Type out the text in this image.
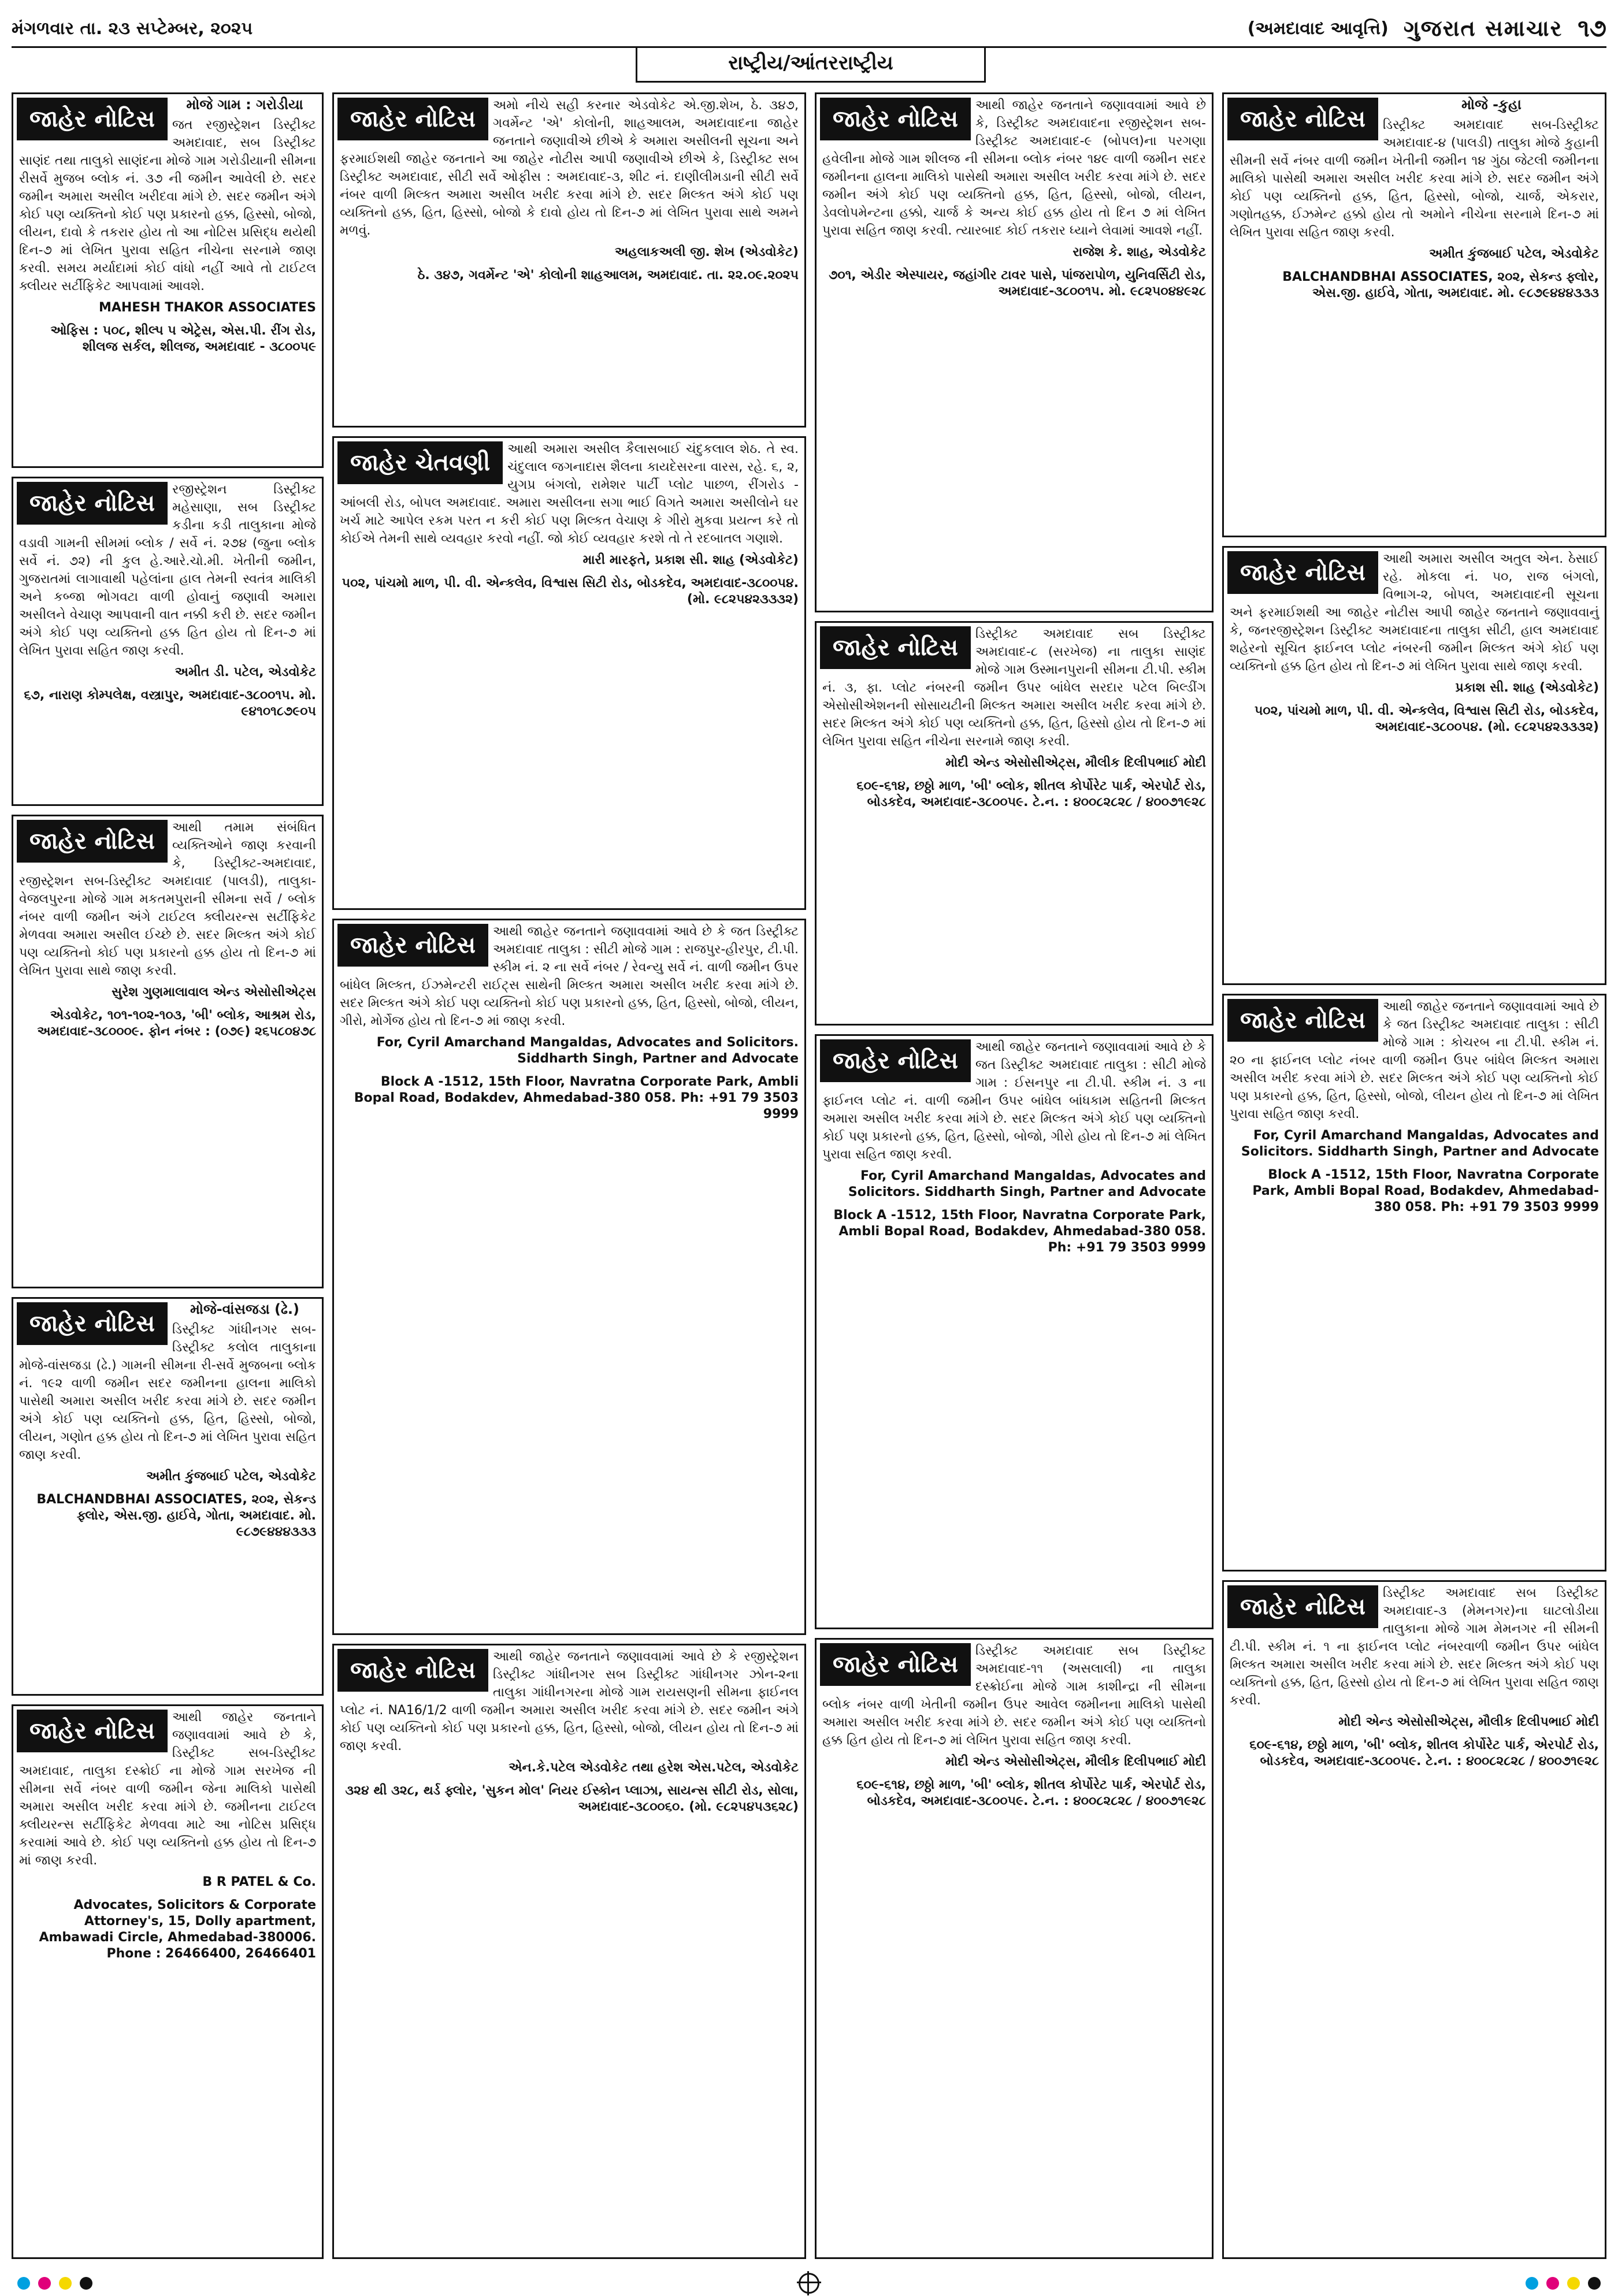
મંગળવાર તા. ૨૩ સપ્ટેમ્બર, ૨૦૨૫	(અમદાવાદ આવૃત્તિ) ગુજરાત સમાચાર ૧૭
રાષ્ટ્રીય/આંતરરાષ્ટ્રીય
જાહેર નોટિસ
મોજે ગામ : ગરોડીયા
જત રજીસ્ટ્રેશન ડિસ્ટ્રીક્ટ અમદાવાદ, સબ ડિસ્ટ્રીક્ટ સાણંદ તથા તાલુકો સાણંદના મોજે ગામ ગરોડીયાની સીમના રીસર્વે મુજબ બ્લોક નં. ૩૭ ની જમીન આવેલી છે. સદર જમીન અમારા અસીલ ખરીદવા માંગે છે. સદર જમીન અંગે કોઈ પણ વ્યક્તિનો કોઈ પણ પ્રકારનો હક્ક, હિસ્સો, બોજો, લીયન, દાવો કે તકરાર હોય તો આ નોટિસ પ્રસિદ્ધ થયેથી દિન-૭ માં લેખિત પુરાવા સહિત નીચેના સરનામે જાણ કરવી. સમય મર્યાદામાં કોઈ વાંધો નહીં આવે તો ટાઈટલ ક્લીયર સર્ટીફિકેટ આપવામાં આવશે.
MAHESH THAKOR ASSOCIATES
ઓફિસ : ૫૦૮, શીલ્પ ૫ એટ્રેસ, એસ.પી. રીંગ રોડ, શીલજ સર્કલ, શીલજ, અમદાવાદ - ૩૮૦૦૫૯
જાહેર નોટિસ
રજીસ્ટ્રેશન ડિસ્ટ્રીક્ટ મહેસાણા, સબ ડિસ્ટ્રીક્ટ કડીના કડી તાલુકાના મોજે વડાવી ગામની સીમમાં બ્લોક / સર્વે નં. ૨૭૪ (જુના બ્લોક સર્વે નં. ૭૨) ની કુલ હે.આરે.ચો.મી. ખેતીની જમીન, ગુજરાતમાં લાગાવાથી પહેલાંના હાલ તેમની સ્વતંત્ર માલિકી અને કબ્જા ભોગવટા વાળી હોવાનું જણાવી અમારા અસીલને વેચાણ આપવાની વાત નક્કી કરી છે. સદર જમીન અંગે કોઈ પણ વ્યક્તિનો હક્ક હિત હોય તો દિન-૭ માં લેખિત પુરાવા સહિત જાણ કરવી.
અમીત ડી. પટેલ, એડવોકેટ
૬૭, નારાણ કોમ્પલેક્ષ, વસ્ત્રાપુર, અમદાવાદ-૩૮૦૦૧૫. મો. ૯૪૧૦૧૮૭૯૦૫
જાહેર નોટિસ
આથી તમામ સંબંધિત વ્યક્તિઓને જાણ કરવાની કે, ડિસ્ટ્રીક્ટ-અમદાવાદ, રજીસ્ટ્રેશન સબ-ડિસ્ટ્રીક્ટ અમદાવાદ (પાલડી), તાલુકા-વેજલપુરના મોજે ગામ મકતમપુરાની સીમના સર્વે / બ્લોક નંબર વાળી જમીન અંગે ટાઈટલ ક્લીયરન્સ સર્ટીફિકેટ મેળવવા અમારા અસીલ ઈચ્છે છે. સદર મિલ્કત અંગે કોઈ પણ વ્યક્તિનો કોઈ પણ પ્રકારનો હક્ક હોય તો દિન-૭ માં લેખિત પુરાવા સાથે જાણ કરવી.
સુરેશ ગુણમાલાવાલ એન્ડ એસોસીએટ્સ
એડવોકેટ, ૧૦૧-૧૦૨-૧૦૩, 'બી' બ્લોક, આશ્રમ રોડ, અમદાવાદ-૩૮૦૦૦૯. ફોન નંબર : (૦૭૯) ૨૬૫૮૦૪૭૮
જાહેર નોટિસ
મોજે-વાંસજડા (ઢે.)
ડિસ્ટ્રીક્ટ ગાંધીનગર સબ-ડિસ્ટ્રીક્ટ કલોલ તાલુકાના મોજે-વાંસજડા (ઢે.) ગામની સીમના રી-સર્વે મુજબના બ્લોક નં. ૧૯૨ વાળી જમીન સદર જમીનના હાલના માલિકો પાસેથી અમારા અસીલ ખરીદ કરવા માંગે છે. સદર જમીન અંગે કોઈ પણ વ્યક્તિનો હક્ક, હિત, હિસ્સો, બોજો, લીયન, ગણોત હક્ક હોય તો દિન-૭ માં લેખિત પુરાવા સહિત જાણ કરવી.
અમીત કુંજબાઈ પટેલ, એડવોકેટ
BALCHANDBHAI ASSOCIATES, ૨૦૨, સેકન્ડ ફ્લોર, એસ.જી. હાઈવે, ગોતા, અમદાવાદ. મો. ૯૮૭૯૪૪૪૩૩૩
જાહેર નોટિસ
આથી જાહેર જનતાને જણાવવામાં આવે છે કે, ડિસ્ટ્રીક્ટ સબ-ડિસ્ટ્રીક્ટ અમદાવાદ, તાલુકા દસ્ક્રોઈ ના મોજે ગામ સરખેજ ની સીમના સર્વે નંબર વાળી જમીન જેના માલિકો પાસેથી અમારા અસીલ ખરીદ કરવા માંગે છે. જમીનના ટાઈટલ ક્લીયરન્સ સર્ટીફિકેટ મેળવવા માટે આ નોટિસ પ્રસિદ્ધ કરવામાં આવે છે. કોઈ પણ વ્યક્તિનો હક્ક હોય તો દિન-૭ માં જાણ કરવી.
B R PATEL & Co.
Advocates, Solicitors & Corporate Attorney's, 15, Dolly apartment, Ambawadi Circle, Ahmedabad-380006. Phone : 26466400, 26466401
જાહેર નોટિસ
અમો નીચે સહી કરનાર એડવોકેટ એ.જી.શેખ, ઠે. ૩૪૭, ગવર્મેન્ટ 'એ' કોલોની, શાહઆલમ, અમદાવાદના જાહેર જનતાને જણાવીએ છીએ કે અમારા અસીલની સૂચના અને ફરમાઈશથી જાહેર જનતાને આ જાહેર નોટીસ આપી જણાવીએ છીએ કે, ડિસ્ટ્રીક્ટ સબ ડિસ્ટ્રીક્ટ અમદાવાદ, સીટી સર્વે ઓફીસ : અમદાવાદ-૩, શીટ નં. દાણીલીમડાની સીટી સર્વે નંબર વાળી મિલ્કત અમારા અસીલ ખરીદ કરવા માંગે છે. સદર મિલ્કત અંગે કોઈ પણ વ્યક્તિનો હક્ક, હિત, હિસ્સો, બોજો કે દાવો હોય તો દિન-૭ માં લેખિત પુરાવા સાથે અમને મળવું.
અહલાકઅલી જી. શેખ (એડવોકેટ)
ઠે. ૩૪૭, ગવર્મેન્ટ 'એ' કોલોની શાહઆલમ, અમદાવાદ. તા. ૨૨.૦૯.૨૦૨૫
જાહેર ચેતવણી
આથી અમારા અસીલ કૈલાસબાઈ ચંદુકલાલ શેઠ. તે સ્વ. ચંદુલાલ જગનાદાસ શૈલના કાયદેસરના વારસ, રહે. ૬, ૨, યુગપ્ર બંગલો, રામેશર પાર્ટી પ્લોટ પાછળ, રીંગરોડ - આંબલી રોડ, બોપલ અમદાવાદ. અમારા અસીલના સગા ભાઈ વિગતે અમારા અસીલોને ઘર ખર્ચ માટે આપેલ રકમ પરત ન કરી કોઈ પણ મિલ્કત વેચાણ કે ગીરો મુકવા પ્રયત્ન કરે તો કોઈએ તેમની સાથે વ્યવહાર કરવો નહીં. જો કોઈ વ્યવહાર કરશે તો તે રદબાતલ ગણાશે.
મારી મારફતે, પ્રકાશ સી. શાહ (એડવોકેટ)
૫૦૨, પાંચમો માળ, પી. વી. એન્કલેવ, વિશ્વાસ સિટી રોડ, બોડકદેવ, અમદાવાદ-૩૮૦૦૫૪. (મો. ૯૮૨૫૪૨૩૩૩૨)
જાહેર નોટિસ
આથી જાહેર જનતાને જણાવવામાં આવે છે કે જત ડિસ્ટ્રીક્ટ અમદાવાદ તાલુકા : સીટી મોજે ગામ : રાજપુર-હીરપુર, ટી.પી. સ્કીમ નં. ૨ ના સર્વે નંબર / રેવન્યુ સર્વે નં. વાળી જમીન ઉપર બાંધેલ મિલ્કત, ઈઝમેન્ટરી રાઈટ્સ સાથેની મિલ્કત અમારા અસીલ ખરીદ કરવા માંગે છે. સદર મિલ્કત અંગે કોઈ પણ વ્યક્તિનો કોઈ પણ પ્રકારનો હક્ક, હિત, હિસ્સો, બોજો, લીયન, ગીરો, મોર્ગેજ હોય તો દિન-૭ માં જાણ કરવી.
For, Cyril Amarchand Mangaldas, Advocates and Solicitors. Siddharth Singh, Partner and Advocate
Block A -1512, 15th Floor, Navratna Corporate Park, Ambli Bopal Road, Bodakdev, Ahmedabad-380 058. Ph: +91 79 3503 9999
જાહેર નોટિસ
આથી જાહેર જનતાને જણાવવામાં આવે છે કે રજીસ્ટ્રેશન ડિસ્ટ્રીક્ટ ગાંધીનગર સબ ડિસ્ટ્રીક્ટ ગાંધીનગર ઝોન-૨ના તાલુકા ગાંધીનગરના મોજે ગામ રાયસણની સીમના ફાઈનલ પ્લોટ નં. NA16/1/2 વાળી જમીન અમારા અસીલ ખરીદ કરવા માંગે છે. સદર જમીન અંગે કોઈ પણ વ્યક્તિનો કોઈ પણ પ્રકારનો હક્ક, હિત, હિસ્સો, બોજો, લીયન હોય તો દિન-૭ માં જાણ કરવી.
એન.કે.પટેલ એડવોકેટ તથા હરેશ એસ.પટેલ, એડવોકેટ
૩૨૪ થી ૩૨૮, થર્ડ ફ્લોર, 'સુકન મોલ' નિયર ઈસ્કોન પ્લાઝા, સાયન્સ સીટી રોડ, સોલા, અમદાવાદ-૩૮૦૦૬૦. (મો. ૯૮૨૫૪૫૩૬૨૮)
જાહેર નોટિસ
આથી જાહેર જનતાને જણાવવામાં આવે છે કે, ડિસ્ટ્રીક્ટ અમદાવાદના રજીસ્ટ્રેશન સબ-ડિસ્ટ્રીક્ટ અમદાવાદ-૯ (બોપલ)ના પરગણા હવેલીના મોજે ગામ શીલજ ની સીમના બ્લોક નંબર ૧૪૯ વાળી જમીન સદર જમીનના હાલના માલિકો પાસેથી અમારા અસીલ ખરીદ કરવા માંગે છે. સદર જમીન અંગે કોઈ પણ વ્યક્તિનો હક્ક, હિત, હિસ્સો, બોજો, લીયન, ડેવલોપમેન્ટના હક્કો, ચાર્જ કે અન્ય કોઈ હક્ક હોય તો દિન ૭ માં લેખિત પુરાવા સહિત જાણ કરવી. ત્યારબાદ કોઈ તકરાર ધ્યાને લેવામાં આવશે નહીં.
રાજેશ કે. શાહ, એડવોકેટ
૭૦૧, એડીર એસ્પાયર, જહાંગીર ટાવર પાસે, પાંજરાપોળ, યુનિવર્સિટી રોડ, અમદાવાદ-૩૮૦૦૧૫. મો. ૯૮૨૫૦૪૪૯૨૮
જાહેર નોટિસ
ડિસ્ટ્રીક્ટ અમદાવાદ સબ ડિસ્ટ્રીક્ટ અમદાવાદ-૮ (સરખેજ) ના તાલુકા સાણંદ મોજે ગામ ઉસ્માનપુરાની સીમના ટી.પી. સ્કીમ નં. ૩, ફા. પ્લોટ નંબરની જમીન ઉપર બાંધેલ સરદાર પટેલ બિલ્ડીંગ એસોસીએશનની સોસાયટીની મિલ્કત અમારા અસીલ ખરીદ કરવા માંગે છે. સદર મિલ્કત અંગે કોઈ પણ વ્યક્તિનો હક્ક, હિત, હિસ્સો હોય તો દિન-૭ માં લેખિત પુરાવા સહિત નીચેના સરનામે જાણ કરવી.
મોદી એન્ડ એસોસીએટ્સ, મૌલીક દિલીપભાઈ મોદી
૬૦૯-૬૧૪, છઠ્ઠો માળ, 'બી' બ્લોક, શીતલ કોર્પોરેટ પાર્ક, એરપોર્ટ રોડ, બોડકદેવ, અમદાવાદ-૩૮૦૦૫૯. ટે.ન. : ૪૦૦૮૨૮૨૮ / ૪૦૦૭૧૯૨૮
જાહેર નોટિસ
આથી જાહેર જનતાને જણાવવામાં આવે છે કે જત ડિસ્ટ્રીક્ટ અમદાવાદ તાલુકા : સીટી મોજે ગામ : ઈસનપુર ના ટી.પી. સ્કીમ નં. ૩ ના ફાઈનલ પ્લોટ નં. વાળી જમીન ઉપર બાંધેલ બાંધકામ સહિતની મિલ્કત અમારા અસીલ ખરીદ કરવા માંગે છે. સદર મિલ્કત અંગે કોઈ પણ વ્યક્તિનો કોઈ પણ પ્રકારનો હક્ક, હિત, હિસ્સો, બોજો, ગીરો હોય તો દિન-૭ માં લેખિત પુરાવા સહિત જાણ કરવી.
For, Cyril Amarchand Mangaldas, Advocates and Solicitors. Siddharth Singh, Partner and Advocate
Block A -1512, 15th Floor, Navratna Corporate Park, Ambli Bopal Road, Bodakdev, Ahmedabad-380 058. Ph: +91 79 3503 9999
જાહેર નોટિસ
ડિસ્ટ્રીક્ટ અમદાવાદ સબ ડિસ્ટ્રીક્ટ અમદાવાદ-૧૧ (અસલાલી) ના તાલુકા દસ્ક્રોઈના મોજે ગામ કાશીન્દ્રા ની સીમના બ્લોક નંબર વાળી ખેતીની જમીન ઉપર આવેલ જમીનના માલિકો પાસેથી અમારા અસીલ ખરીદ કરવા માંગે છે. સદર જમીન અંગે કોઈ પણ વ્યક્તિનો હક્ક હિત હોય તો દિન-૭ માં લેખિત પુરાવા સહિત જાણ કરવી.
મોદી એન્ડ એસોસીએટ્સ, મૌલીક દિલીપભાઈ મોદી
૬૦૯-૬૧૪, છઠ્ઠો માળ, 'બી' બ્લોક, શીતલ કોર્પોરેટ પાર્ક, એરપોર્ટ રોડ, બોડકદેવ, અમદાવાદ-૩૮૦૦૫૯. ટે.ન. : ૪૦૦૮૨૮૨૮ / ૪૦૦૭૧૯૨૮
જાહેર નોટિસ
મોજે -કુહા
ડિસ્ટ્રીક્ટ અમદાવાદ સબ-ડિસ્ટ્રીક્ટ અમદાવાદ-૪ (પાલડી) તાલુકા મોજે કુહાની સીમની સર્વે નંબર વાળી જમીન ખેતીની જમીન ૧૪ ગુંઠા જેટલી જમીનના માલિકો પાસેથી અમારા અસીલ ખરીદ કરવા માંગે છે. સદર જમીન અંગે કોઈ પણ વ્યક્તિનો હક્ક, હિત, હિસ્સો, બોજો, ચાર્જ, એકરાર, ગણોતહક્ક, ઈઝમેન્ટ હક્કો હોય તો અમોને નીચેના સરનામે દિન-૭ માં લેખિત પુરાવા સહિત જાણ કરવી.
અમીત કુંજબાઈ પટેલ, એડવોકેટ
BALCHANDBHAI ASSOCIATES, ૨૦૨, સેકન્ડ ફ્લોર, એસ.જી. હાઈવે, ગોતા, અમદાવાદ. મો. ૯૮૭૯૪૪૪૩૩૩
જાહેર નોટિસ
આથી અમારા અસીલ અતુલ એન. ઠેસાઈ રહે. મોકલા નં. ૫૦, રાજ બંગલો, વિભાગ-૨, બોપલ, અમદાવાદની સૂચના અને ફરમાઈશથી આ જાહેર નોટીસ આપી જાહેર જનતાને જણાવવાનું કે, જનરજીસ્ટ્રેશન ડિસ્ટ્રીક્ટ અમદાવાદના તાલુકા સીટી, હાલ અમદાવાદ શહેરનો સૂચિત ફાઈનલ પ્લોટ નંબરની જમીન મિલ્કત અંગે કોઈ પણ વ્યક્તિનો હક્ક હિત હોય તો દિન-૭ માં લેખિત પુરાવા સાથે જાણ કરવી.
પ્રકાશ સી. શાહ (એડવોકેટ)
૫૦૨, પાંચમો માળ, પી. વી. એન્કલેવ, વિશ્વાસ સિટી રોડ, બોડકદેવ, અમદાવાદ-૩૮૦૦૫૪. (મો. ૯૮૨૫૪૨૩૩૩૨)
જાહેર નોટિસ
આથી જાહેર જનતાને જણાવવામાં આવે છે કે જત ડિસ્ટ્રીક્ટ અમદાવાદ તાલુકા : સીટી મોજે ગામ : કોચરબ ના ટી.પી. સ્કીમ નં. ૨૦ ના ફાઈનલ પ્લોટ નંબર વાળી જમીન ઉપર બાંધેલ મિલ્કત અમારા અસીલ ખરીદ કરવા માંગે છે. સદર મિલ્કત અંગે કોઈ પણ વ્યક્તિનો કોઈ પણ પ્રકારનો હક્ક, હિત, હિસ્સો, બોજો, લીયન હોય તો દિન-૭ માં લેખિત પુરાવા સહિત જાણ કરવી.
For, Cyril Amarchand Mangaldas, Advocates and Solicitors. Siddharth Singh, Partner and Advocate
Block A -1512, 15th Floor, Navratna Corporate Park, Ambli Bopal Road, Bodakdev, Ahmedabad-380 058. Ph: +91 79 3503 9999
જાહેર નોટિસ
ડિસ્ટ્રીક્ટ અમદાવાદ સબ ડિસ્ટ્રીક્ટ અમદાવાદ-૩ (મેમનગર)ના ઘાટલોડીયા તાલુકાના મોજે ગામ મેમનગર ની સીમની ટી.પી. સ્કીમ નં. ૧ ના ફાઈનલ પ્લોટ નંબરવાળી જમીન ઉપર બાંધેલ મિલ્કત અમારા અસીલ ખરીદ કરવા માંગે છે. સદર મિલ્કત અંગે કોઈ પણ વ્યક્તિનો હક્ક, હિત, હિસ્સો હોય તો દિન-૭ માં લેખિત પુરાવા સહિત જાણ કરવી.
મોદી એન્ડ એસોસીએટ્સ, મૌલીક દિલીપભાઈ મોદી
૬૦૯-૬૧૪, છઠ્ઠો માળ, 'બી' બ્લોક, શીતલ કોર્પોરેટ પાર્ક, એરપોર્ટ રોડ, બોડકદેવ, અમદાવાદ-૩૮૦૦૫૯. ટે.ન. : ૪૦૦૮૨૮૨૮ / ૪૦૦૭૧૯૨૮
